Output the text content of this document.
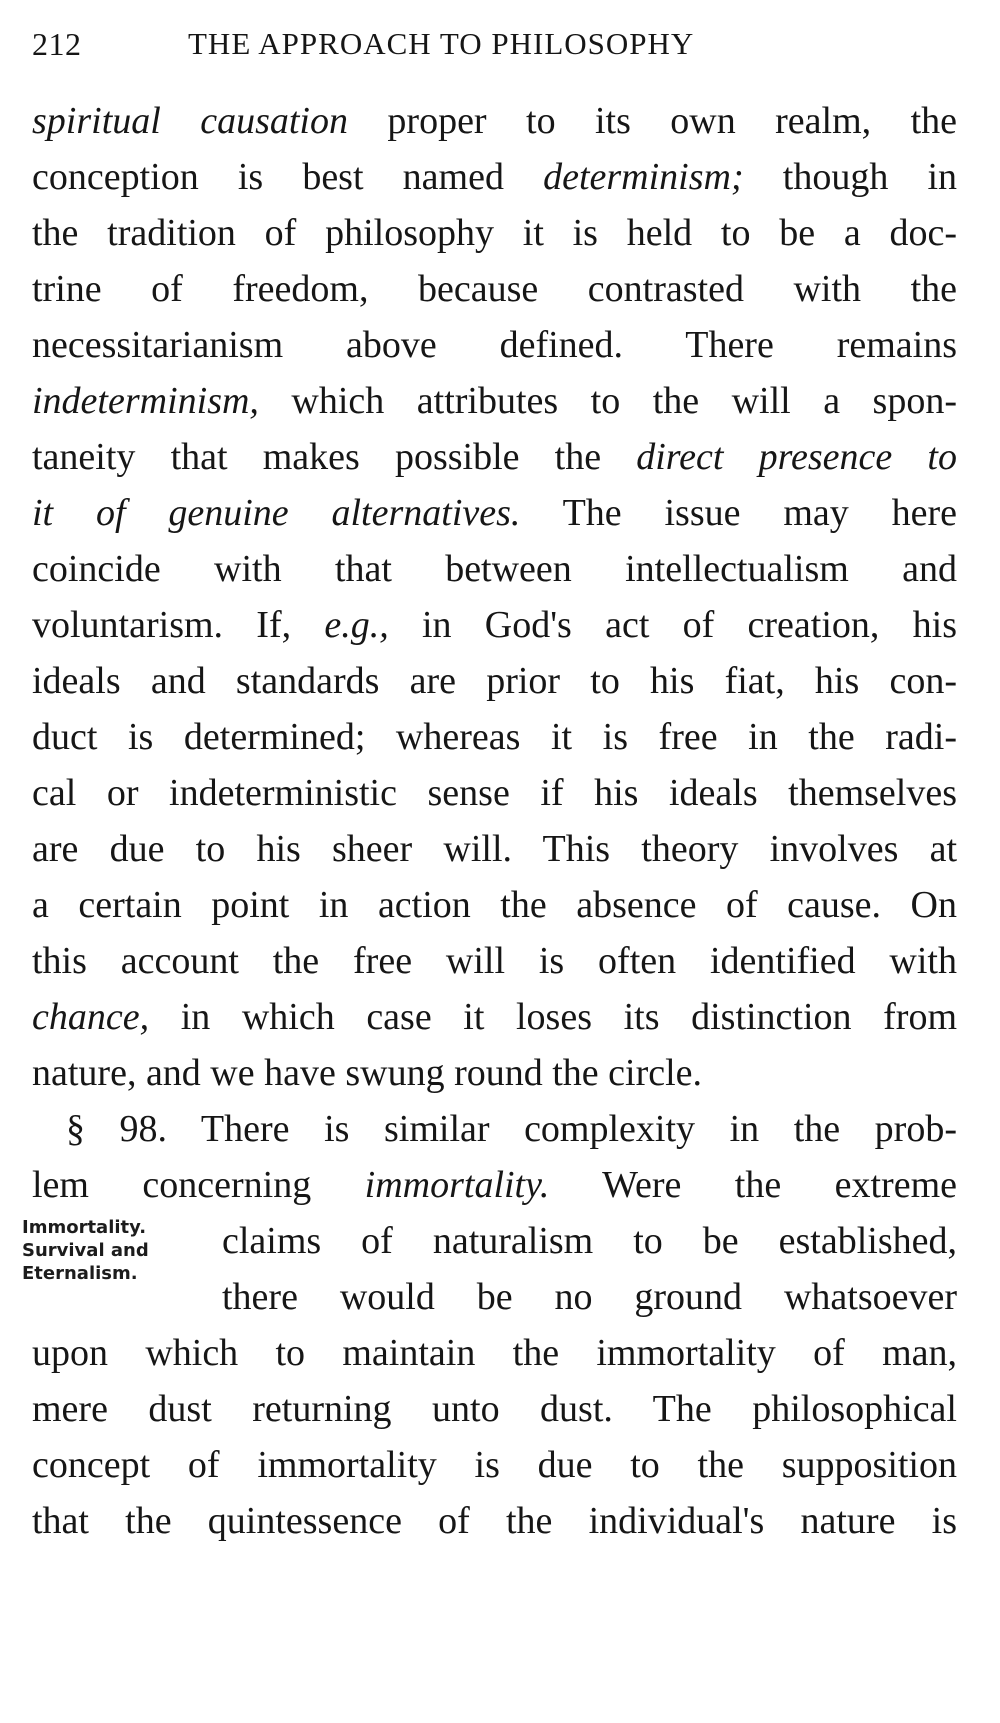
212	THE APPROACH TO PHILOSOPHY
spiritual causation proper to its own realm, the
conception is best named determinism; though in
the tradition of philosophy it is held to be a doc-
trine of freedom, because contrasted with the
necessitarianism above defined. There remains
indeterminism, which attributes to the will a spon-
taneity that makes possible the direct presence to
it of genuine alternatives. The issue may here
coincide with that between intellectualism and
voluntarism. If, e.g., in God's act of creation, his
ideals and standards are prior to his fiat, his con-
duct is determined; whereas it is free in the radi-
cal or indeterministic sense if his ideals themselves
are due to his sheer will. This theory involves at
a certain point in action the absence of cause. On
this account the free will is often identified with
chance, in which case it loses its distinction from
nature, and we have swung round the circle.
§ 98. There is similar complexity in the prob-
lem concerning immortality. Were the extreme
claims of naturalism to be established,
there would be no ground whatsoever
upon which to maintain the immortality of man,
mere dust returning unto dust. The philosophical
concept of immortality is due to the supposition
that the quintessence of the individual's nature is
Immortality.
Survival and
Eternalism.
